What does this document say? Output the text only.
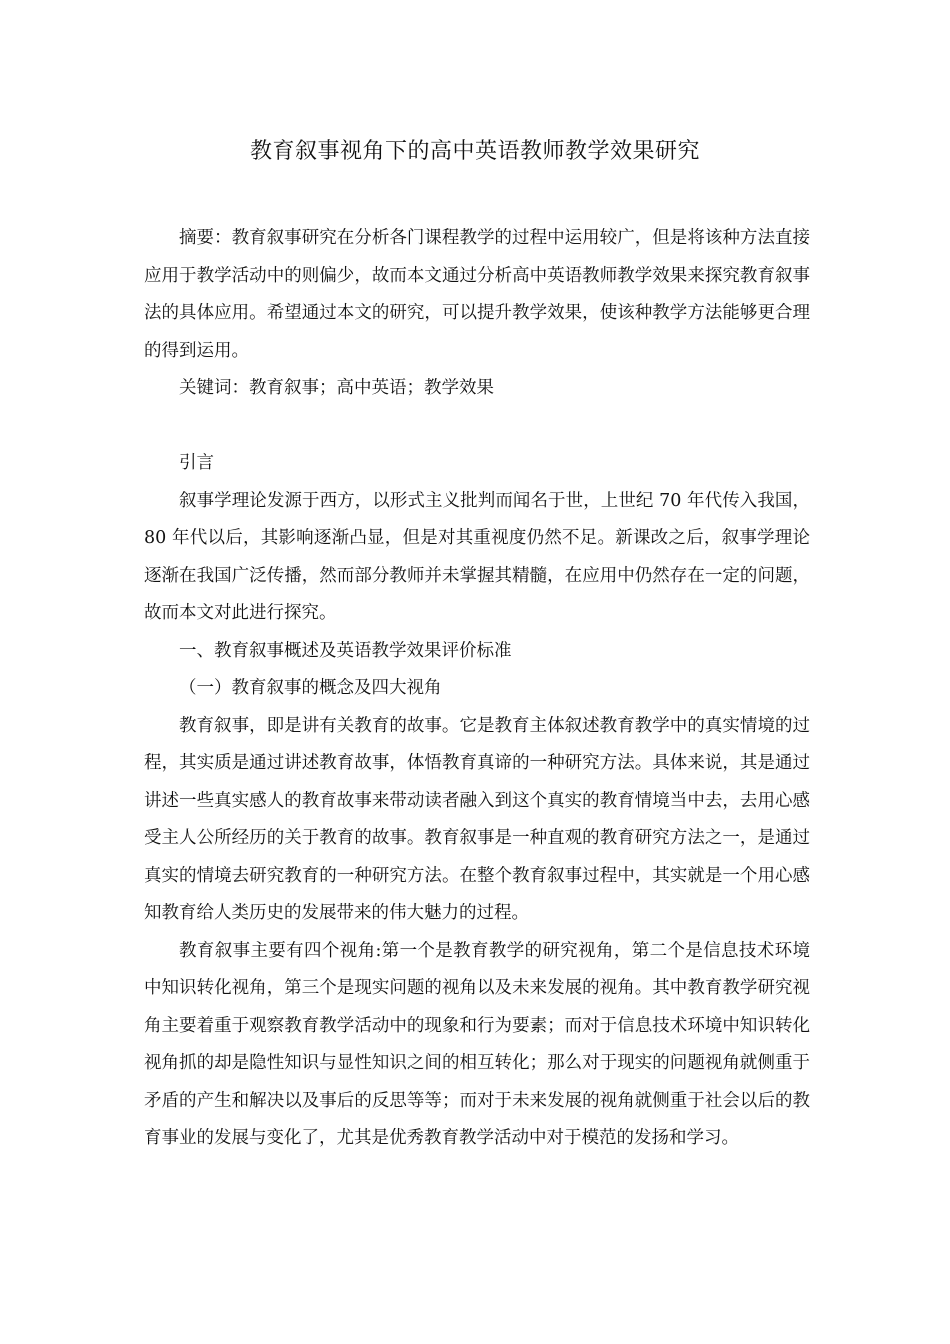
教育叙事视角下的高中英语教师教学效果研究

摘要：教育叙事研究在分析各门课程教学的过程中运用较广，但是将该种方法直接应用于教学活动中的则偏少，故而本文通过分析高中英语教师教学效果来探究教育叙事法的具体应用。希望通过本文的研究，可以提升教学效果，使该种教学方法能够更合理的得到运用。

关键词：教育叙事；高中英语；教学效果

引言

叙事学理论发源于西方，以形式主义批判而闻名于世，上世纪 70 年代传入我国，80 年代以后，其影响逐渐凸显，但是对其重视度仍然不足。新课改之后，叙事学理论逐渐在我国广泛传播，然而部分教师并未掌握其精髓，在应用中仍然存在一定的问题，故而本文对此进行探究。

一、教育叙事概述及英语教学效果评价标准

（一）教育叙事的概念及四大视角

教育叙事，即是讲有关教育的故事。它是教育主体叙述教育教学中的真实情境的过程，其实质是通过讲述教育故事，体悟教育真谛的一种研究方法。具体来说，其是通过讲述一些真实感人的教育故事来带动读者融入到这个真实的教育情境当中去，去用心感受主人公所经历的关于教育的故事。教育叙事是一种直观的教育研究方法之一，是通过真实的情境去研究教育的一种研究方法。在整个教育叙事过程中，其实就是一个用心感知教育给人类历史的发展带来的伟大魅力的过程。

教育叙事主要有四个视角:第一个是教育教学的研究视角，第二个是信息技术环境中知识转化视角，第三个是现实问题的视角以及未来发展的视角。其中教育教学研究视角主要着重于观察教育教学活动中的现象和行为要素；而对于信息技术环境中知识转化视角抓的却是隐性知识与显性知识之间的相互转化；那么对于现实的问题视角就侧重于矛盾的产生和解决以及事后的反思等等；而对于未来发展的视角就侧重于社会以后的教育事业的发展与变化了，尤其是优秀教育教学活动中对于模范的发扬和学习。
